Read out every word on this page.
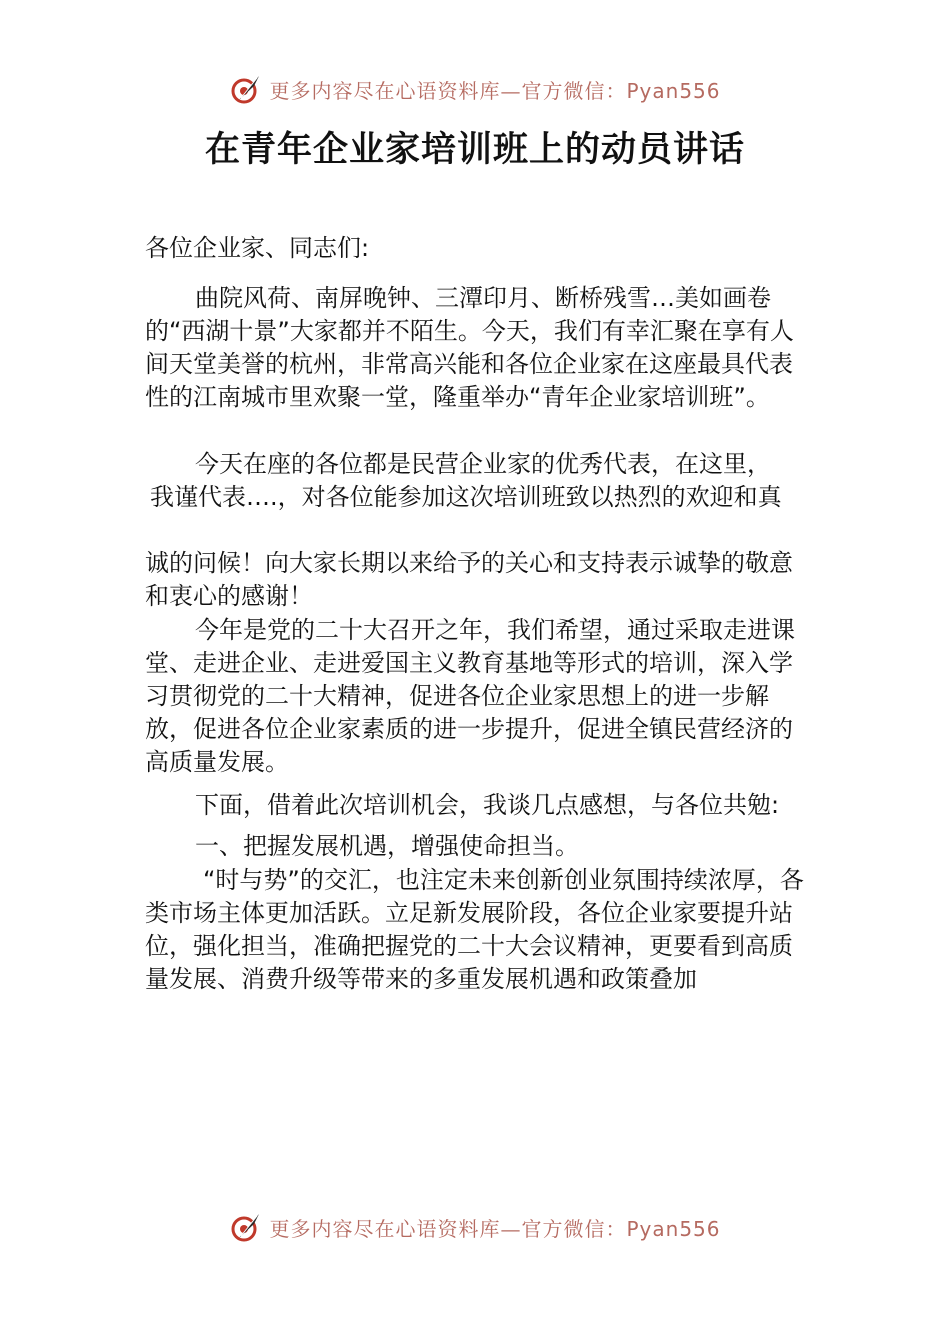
更多内容尽在心语资料库—官方微信：Pyan556
在青年企业家培训班上的动员讲话

各位企业家、同志们:

曲院风荷、南屏晚钟、三潭印月、断桥残雪…美如画卷的“西湖十景”大家都并不陌生。今天，我们有幸汇聚在享有人间天堂美誉的杭州，非常高兴能和各位企业家在这座最具代表性的江南城市里欢聚一堂，隆重举办“青年企业家培训班”。

今天在座的各位都是民营企业家的优秀代表，在这里，

我谨代表….，对各位能参加这次培训班致以热烈的欢迎和真

诚的问候！向大家长期以来给予的关心和支持表示诚挚的敬意和衷心的感谢！

今年是党的二十大召开之年，我们希望，通过采取走进课堂、走进企业、走进爱国主义教育基地等形式的培训，深入学习贯彻党的二十大精神，促进各位企业家思想上的进一步解放，促进各位企业家素质的进一步提升，促进全镇民营经济的高质量发展。

下面，借着此次培训机会，我谈几点感想，与各位共勉:

一、把握发展机遇，增强使命担当。

“时与势”的交汇，也注定未来创新创业氛围持续浓厚，各类市场主体更加活跃。立足新发展阶段，各位企业家要提升站位，强化担当，准确把握党的二十大会议精神，更要看到高质量发展、消费升级等带来的多重发展机遇和政策叠加

更多内容尽在心语资料库—官方微信：Pyan556
